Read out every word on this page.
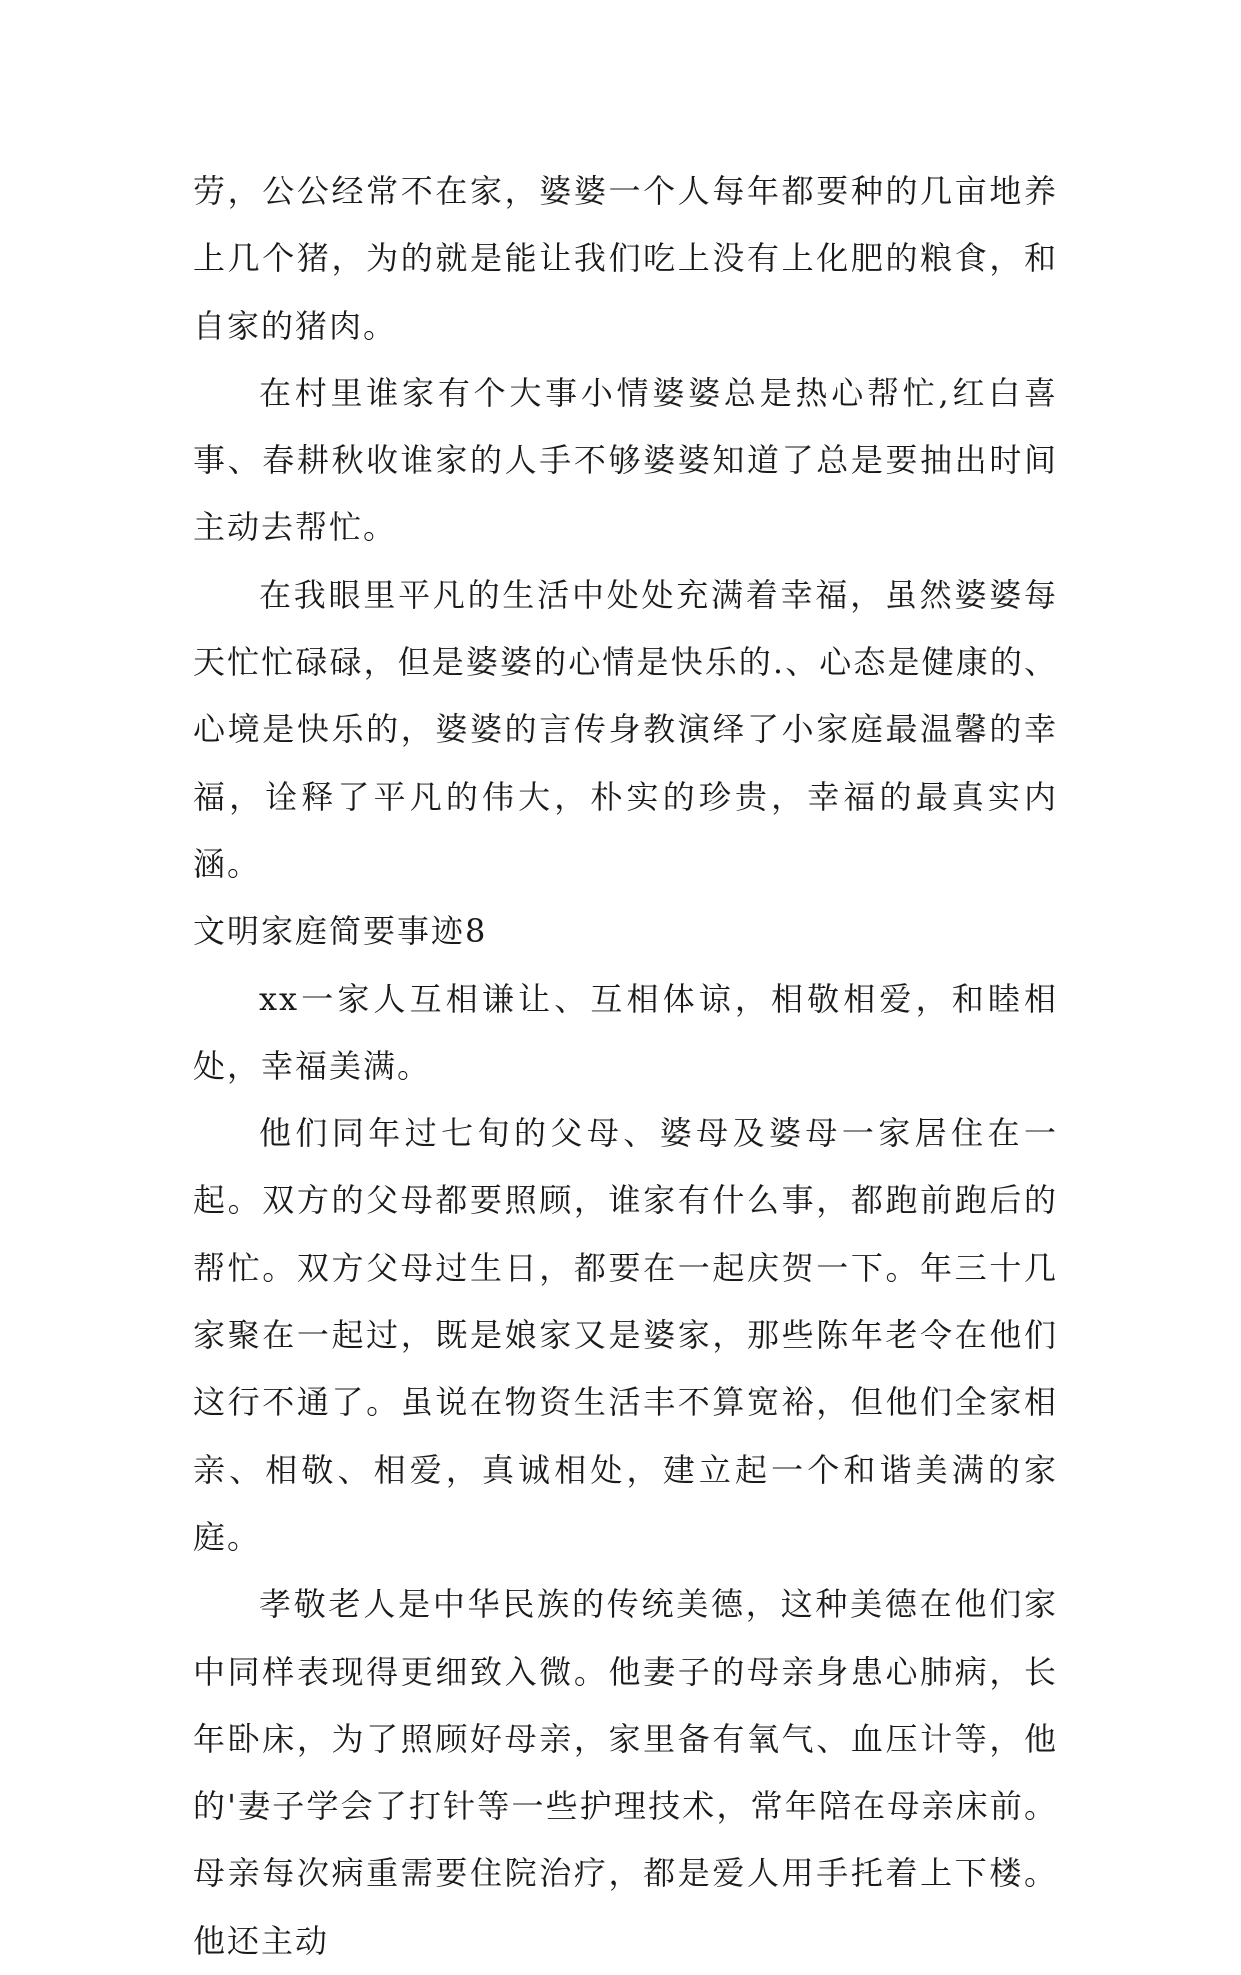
劳，公公经常不在家，婆婆一个人每年都要种的几亩地养上几个猪，为的就是能让我们吃上没有上化肥的粮食，和自家的猪肉。

在村里谁家有个大事小情婆婆总是热心帮忙,红白喜事、春耕秋收谁家的人手不够婆婆知道了总是要抽出时间主动去帮忙。

在我眼里平凡的生活中处处充满着幸福，虽然婆婆每天忙忙碌碌，但是婆婆的心情是快乐的.、心态是健康的、心境是快乐的，婆婆的言传身教演绎了小家庭最温馨的幸福，诠释了平凡的伟大，朴实的珍贵，幸福的最真实内涵。

文明家庭简要事迹8

xx一家人互相谦让、互相体谅，相敬相爱，和睦相处，幸福美满。

他们同年过七旬的父母、婆母及婆母一家居住在一起。双方的父母都要照顾，谁家有什么事，都跑前跑后的帮忙。双方父母过生日，都要在一起庆贺一下。年三十几家聚在一起过，既是娘家又是婆家，那些陈年老令在他们这行不通了。虽说在物资生活丰不算宽裕，但他们全家相亲、相敬、相爱，真诚相处，建立起一个和谐美满的家庭。

孝敬老人是中华民族的传统美德，这种美德在他们家中同样表现得更细致入微。他妻子的母亲身患心肺病，长年卧床，为了照顾好母亲，家里备有氧气、血压计等，他的'妻子学会了打针等一些护理技术，常年陪在母亲床前。母亲每次病重需要住院治疗，都是爱人用手托着上下楼。他还主动
